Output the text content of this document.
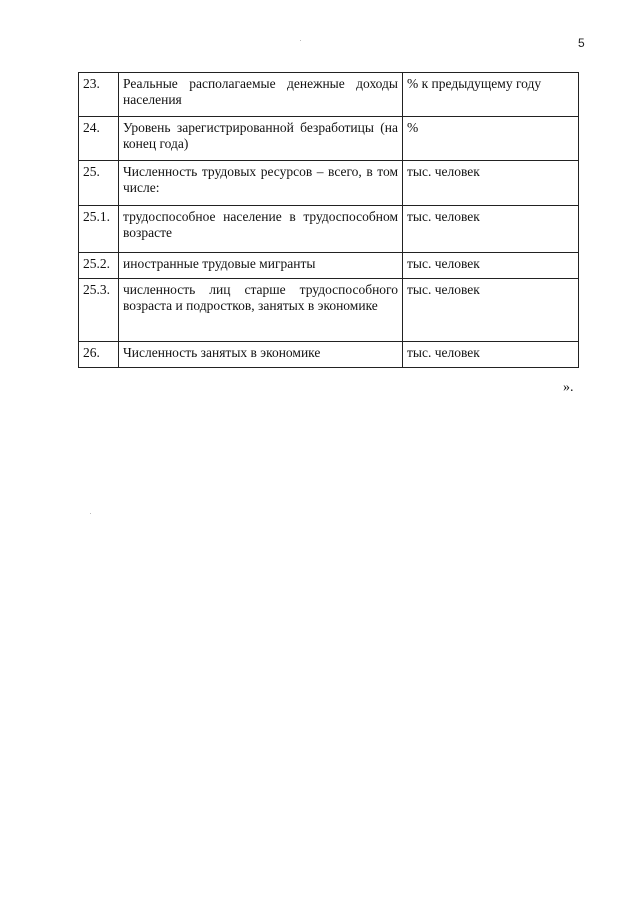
5
23.	Реальные располагаемые денежные доходы населения	% к предыдущему году
24.	Уровень зарегистрированной безработицы (на конец года)	%
25.	Численность трудовых ресурсов – всего, в том числе:	тыс. человек
25.1.	трудоспособное население в трудоспособном возрасте	тыс. человек
25.2.	иностранные трудовые мигранты	тыс. человек
25.3.	численность лиц старше трудоспособного возраста и подростков, занятых в экономике	тыс. человек
26.	Численность занятых в экономике	тыс. человек
».
